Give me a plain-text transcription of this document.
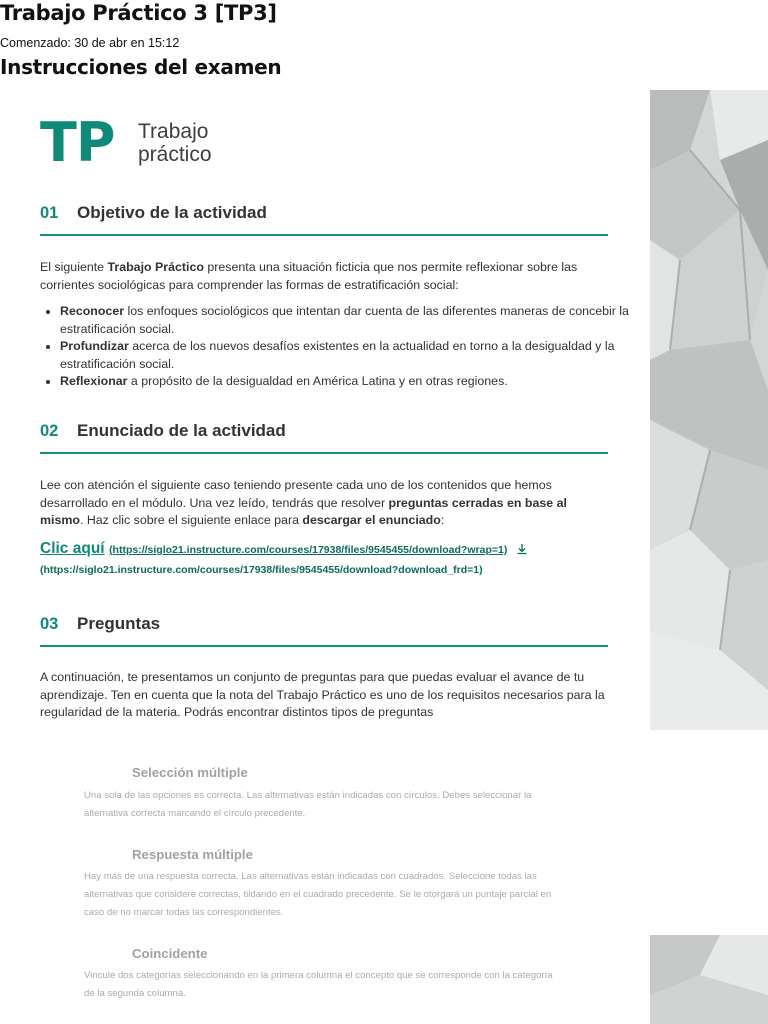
Trabajo Práctico 3 [TP3]
Comenzado: 30 de abr en 15:12
Instrucciones del examen
TP Trabajo
práctico
01 Objetivo de la actividad
El siguiente Trabajo Práctico presenta una situación ficticia que nos permite reflexionar sobre las corrientes sociológicas para comprender las formas de estratificación social:
• Reconocer los enfoques sociológicos que intentan dar cuenta de las diferentes maneras de concebir la estratificación social.
• Profundizar acerca de los nuevos desafíos existentes en la actualidad en torno a la desigualdad y la estratificación social.
• Reflexionar a propósito de la desigualdad en América Latina y en otras regiones.
02 Enunciado de la actividad
Lee con atención el siguiente caso teniendo presente cada uno de los contenidos que hemos desarrollado en el módulo. Una vez leído, tendrás que resolver preguntas cerradas en base al mismo. Haz clic sobre el siguiente enlace para descargar el enunciado:
Clic aquí (https://siglo21.instructure.com/courses/17938/files/9545455/download?wrap=1)
(https://siglo21.instructure.com/courses/17938/files/9545455/download?download_frd=1)
03 Preguntas
A continuación, te presentamos un conjunto de preguntas para que puedas evaluar el avance de tu aprendizaje. Ten en cuenta que la nota del Trabajo Práctico es uno de los requisitos necesarios para la regularidad de la materia. Podrás encontrar distintos tipos de preguntas
Selección múltiple
Una sola de las opciones es correcta. Las alternativas están indicadas con círculos. Debes seleccionar la alternativa correcta marcando el círculo precedente.
Respuesta múltiple
Hay más de una respuesta correcta. Las alternativas están indicadas con cuadrados. Seleccione todas las alternativas que considere correctas, tildando en el cuadrado precedente. Se le otorgará un puntaje parcial en caso de no marcar todas las correspondientes.
Coincidente
Vincule dos categorías seleccionando en la primera columna el concepto que se corresponde con la categoría de la segunda columna.
